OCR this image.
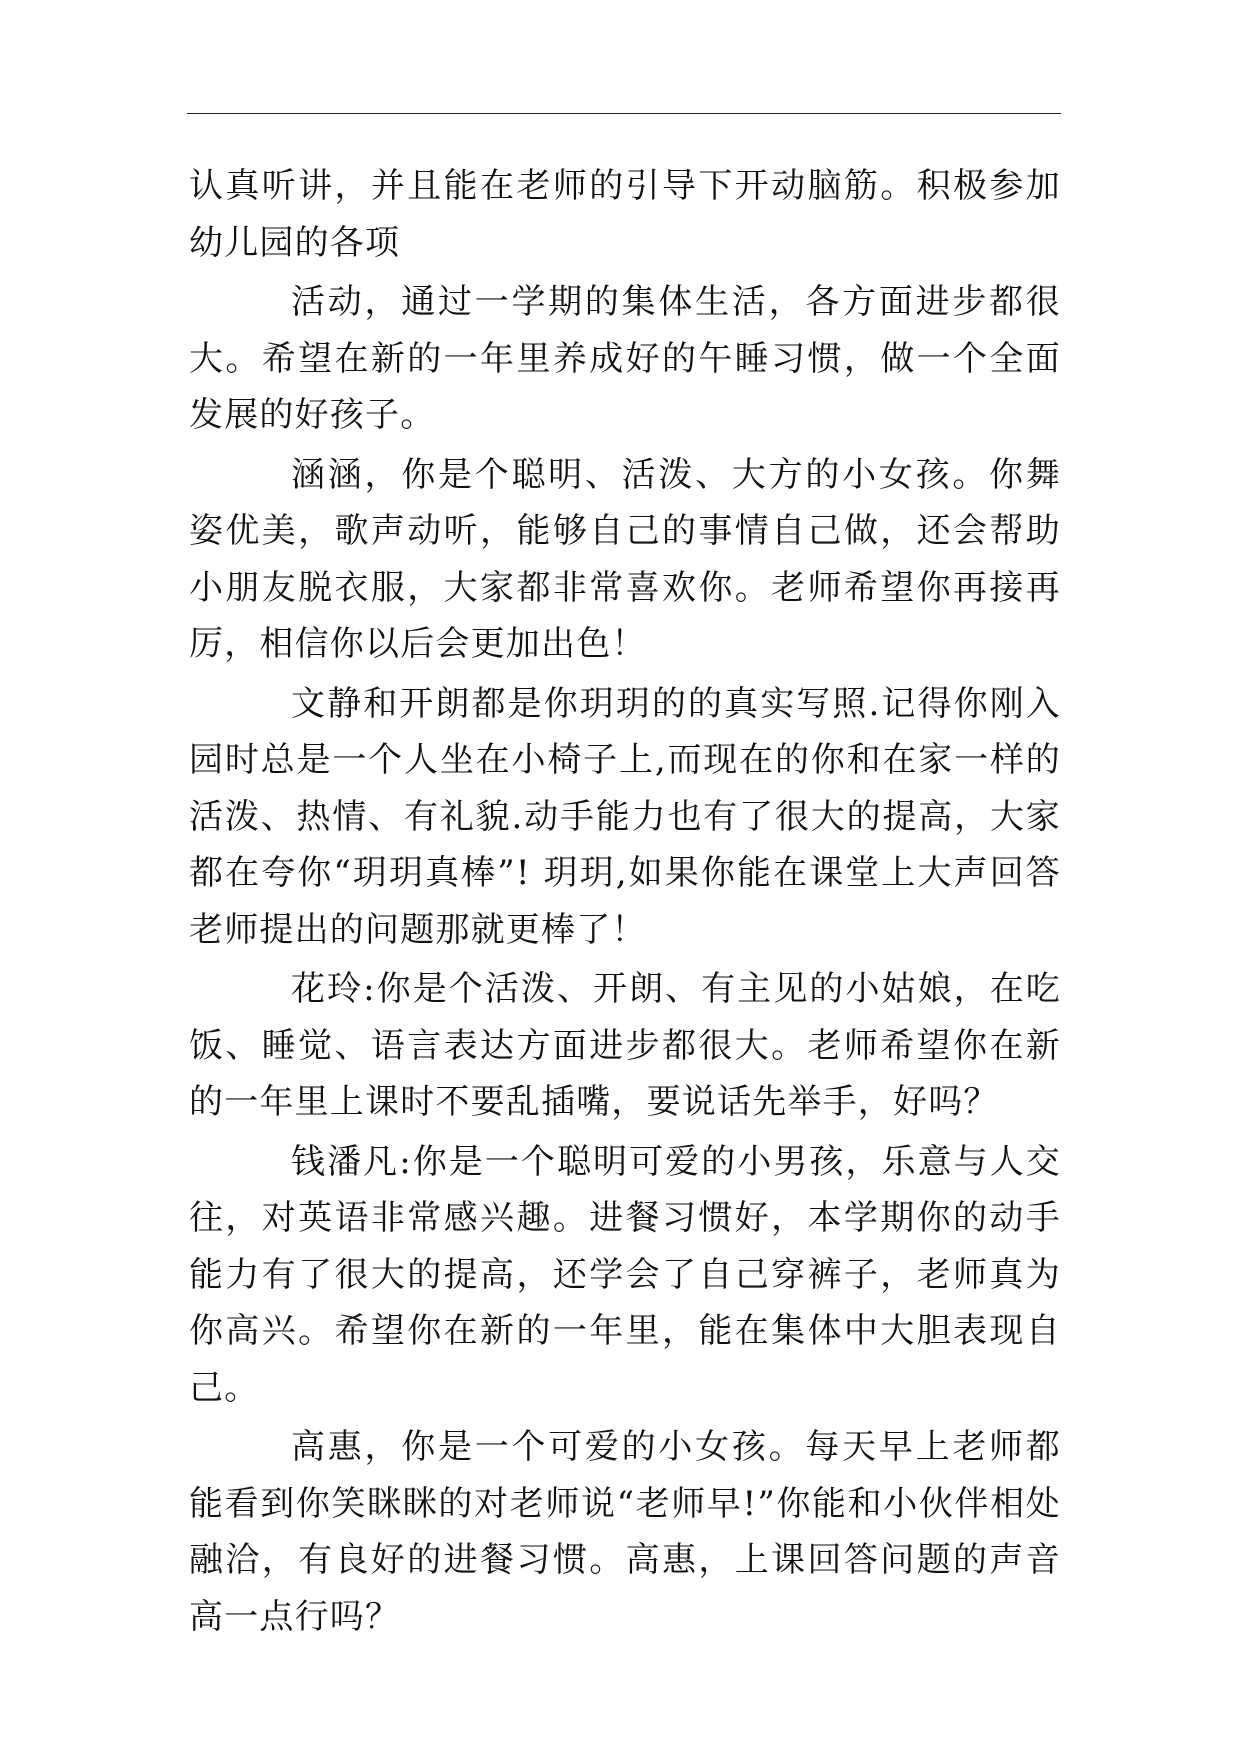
认真听讲，并且能在老师的引导下开动脑筋。积极参加幼儿园的各项

活动，通过一学期的集体生活，各方面进步都很大。希望在新的一年里养成好的午睡习惯，做一个全面发展的好孩子。

涵涵，你是个聪明、活泼、大方的小女孩。你舞姿优美，歌声动听，能够自己的事情自己做，还会帮助小朋友脱衣服，大家都非常喜欢你。老师希望你再接再厉，相信你以后会更加出色！

文静和开朗都是你玥玥的的真实写照.记得你刚入园时总是一个人坐在小椅子上,而现在的你和在家一样的活泼、热情、有礼貌.动手能力也有了很大的提高，大家都在夸你“玥玥真棒”! 玥玥,如果你能在课堂上大声回答老师提出的问题那就更棒了！

花玲:你是个活泼、开朗、有主见的小姑娘，在吃饭、睡觉、语言表达方面进步都很大。老师希望你在新的一年里上课时不要乱插嘴，要说话先举手，好吗？

钱潘凡:你是一个聪明可爱的小男孩，乐意与人交往，对英语非常感兴趣。进餐习惯好，本学期你的动手能力有了很大的提高，还学会了自己穿裤子，老师真为你高兴。希望你在新的一年里，能在集体中大胆表现自己。

高惠，你是一个可爱的小女孩。每天早上老师都能看到你笑眯眯的对老师说“老师早!”你能和小伙伴相处融洽，有良好的进餐习惯。高惠，上课回答问题的声音高一点行吗？
